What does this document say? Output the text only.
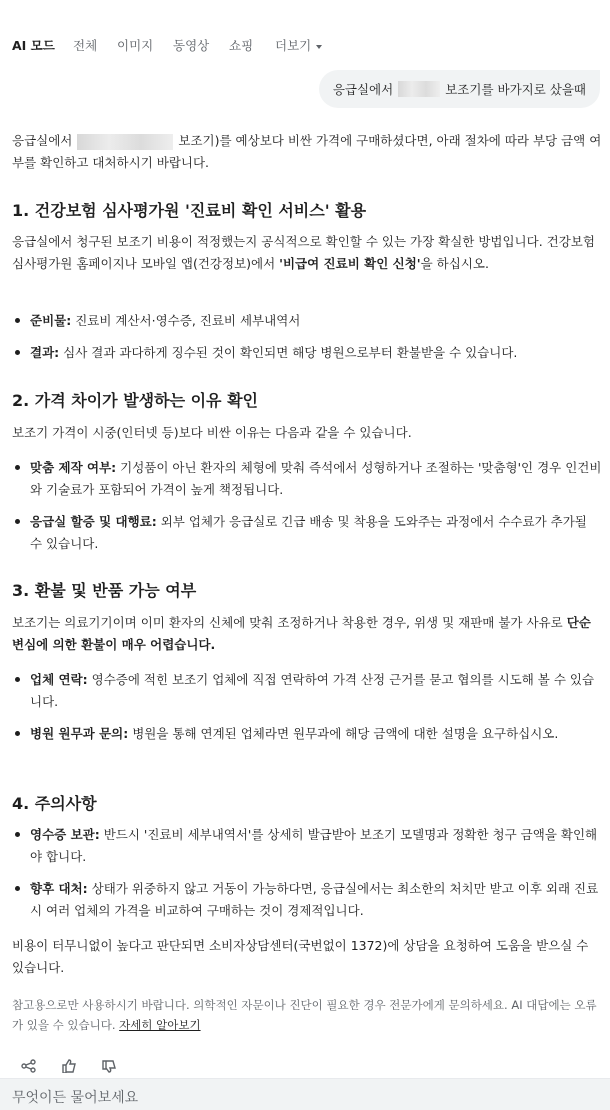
AI 모드 전체 이미지 동영상 쇼핑 더보기
응급실에서	보조기를 바가지로 샀을때
응급실에서	보조기)를 예상보다 비싼 가격에 구매하셨다면, 아래 절차에 따라 부당 금액 여부를 확인하고 대처하시기 바랍니다.
1. 건강보험 심사평가원 '진료비 확인 서비스' 활용
응급실에서 청구된 보조기 비용이 적정했는지 공식적으로 확인할 수 있는 가장 확실한 방법입니다. 건강보험심사평가원 홈페이지나 모바일 앱(건강정보)에서 '비급여 진료비 확인 신청'을 하십시오.
준비물: 진료비 계산서·영수증, 진료비 세부내역서
결과: 심사 결과 과다하게 징수된 것이 확인되면 해당 병원으로부터 환불받을 수 있습니다.
2. 가격 차이가 발생하는 이유 확인
보조기 가격이 시중(인터넷 등)보다 비싼 이유는 다음과 같을 수 있습니다.
맞춤 제작 여부: 기성품이 아닌 환자의 체형에 맞춰 즉석에서 성형하거나 조절하는 '맞춤형'인 경우 인건비와 기술료가 포함되어 가격이 높게 책정됩니다.
응급실 할증 및 대행료: 외부 업체가 응급실로 긴급 배송 및 착용을 도와주는 과정에서 수수료가 추가될 수 있습니다.
3. 환불 및 반품 가능 여부
보조기는 의료기기이며 이미 환자의 신체에 맞춰 조정하거나 착용한 경우, 위생 및 재판매 불가 사유로 단순 변심에 의한 환불이 매우 어렵습니다.
업체 연락: 영수증에 적힌 보조기 업체에 직접 연락하여 가격 산정 근거를 묻고 협의를 시도해 볼 수 있습니다.
병원 원무과 문의: 병원을 통해 연계된 업체라면 원무과에 해당 금액에 대한 설명을 요구하십시오.
4. 주의사항
영수증 보관: 반드시 '진료비 세부내역서'를 상세히 발급받아 보조기 모델명과 정확한 청구 금액을 확인해야 합니다.
향후 대처: 상태가 위중하지 않고 거동이 가능하다면, 응급실에서는 최소한의 처치만 받고 이후 외래 진료 시 여러 업체의 가격을 비교하여 구매하는 것이 경제적입니다.
비용이 터무니없이 높다고 판단되면 소비자상담센터(국번없이 1372)에 상담을 요청하여 도움을 받으실 수 있습니다.
참고용으로만 사용하시기 바랍니다. 의학적인 자문이나 진단이 필요한 경우 전문가에게 문의하세요. AI 대답에는 오류가 있을 수 있습니다. 자세히 알아보기
무엇이든 물어보세요
